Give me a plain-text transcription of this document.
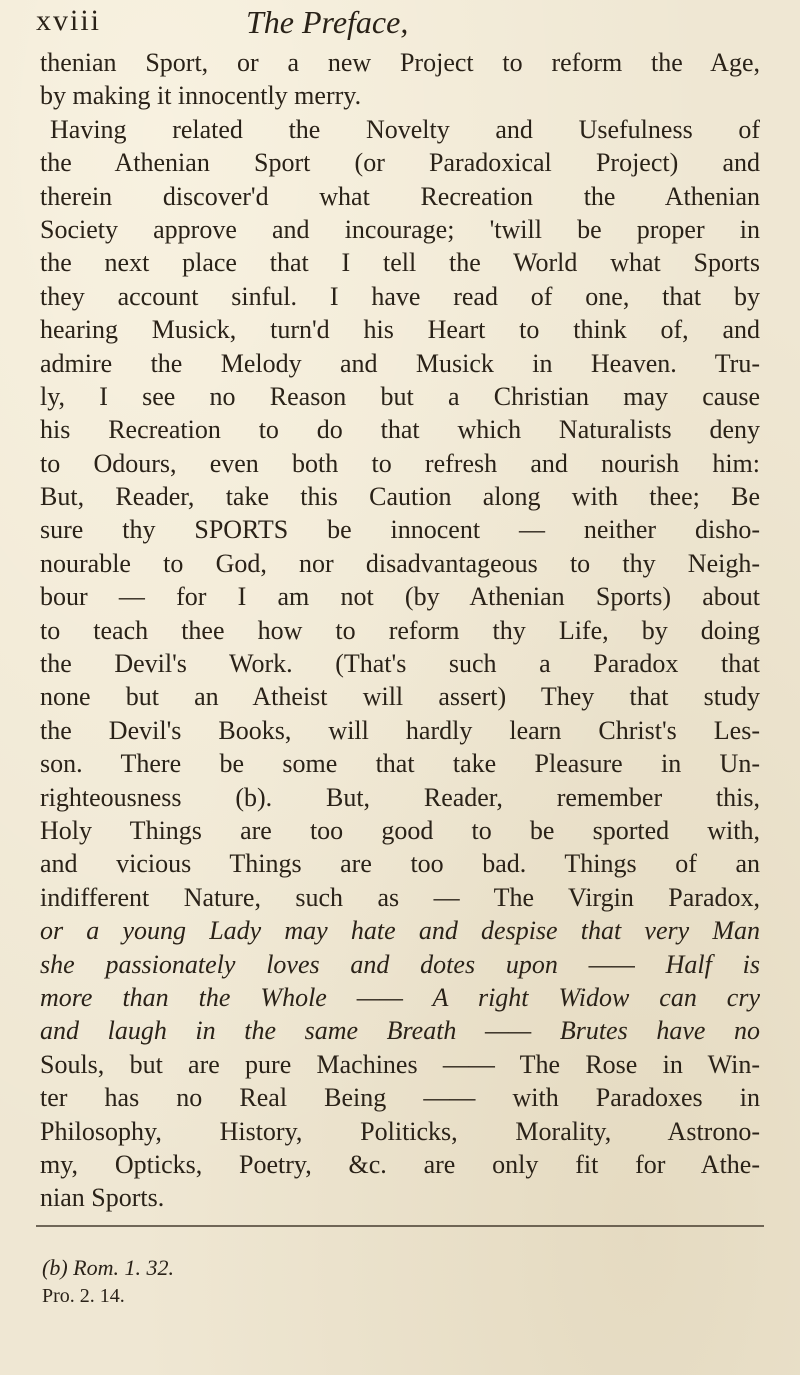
xviii	The Preface,
thenian Sport, or a new Project to reform the Age,
by making it innocently merry.
Having related the Novelty and Usefulness of
the Athenian Sport (or Paradoxical Project) and
therein discover'd what Recreation the Athenian
Society approve and incourage; 'twill be proper in
the next place that I tell the World what Sports
they account sinful. I have read of one, that by
hearing Musick, turn'd his Heart to think of, and
admire the Melody and Musick in Heaven. Tru-
ly, I see no Reason but a Christian may cause
his Recreation to do that which Naturalists deny
to Odours, even both to refresh and nourish him:
But, Reader, take this Caution along with thee; Be
sure thy SPORTS be innocent — neither disho-
nourable to God, nor disadvantageous to thy Neigh-
bour — for I am not (by Athenian Sports) about
to teach thee how to reform thy Life, by doing
the Devil's Work. (That's such a Paradox that
none but an Atheist will assert) They that study
the Devil's Books, will hardly learn Christ's Les-
son. There be some that take Pleasure in Un-
righteousness (b). But, Reader, remember this,
Holy Things are too good to be sported with,
and vicious Things are too bad. Things of an
indifferent Nature, such as — The Virgin Paradox,
or a young Lady may hate and despise that very Man
she passionately loves and dotes upon —— Half is
more than the Whole —— A right Widow can cry
and laugh in the same Breath —— Brutes have no
Souls, but are pure Machines —— The Rose in Win-
ter has no Real Being —— with Paradoxes in
Philosophy, History, Politicks, Morality, Astrono-
my, Opticks, Poetry, &c. are only fit for Athe-
nian Sports.
(b) Rom. 1. 32.
Pro. 2. 14.
